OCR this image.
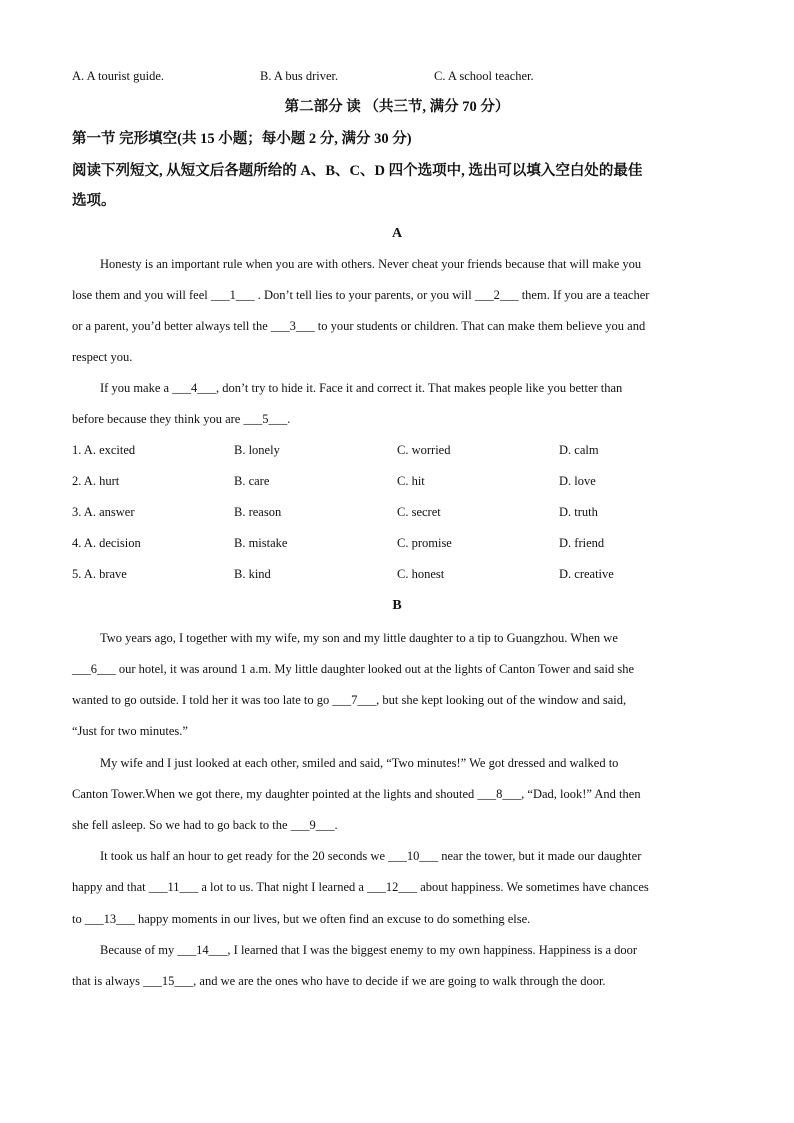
A. A tourist guide.	B. A bus driver.	C. A school teacher.
第二部分 读 （共三节, 满分 70 分）
第一节 完形填空(共 15 小题；每小题 2 分, 满分 30 分)
阅读下列短文, 从短文后各题所给的 A、B、C、D 四个选项中, 选出可以填入空白处的最佳
选项。
A
Honesty is an important rule when you are with others. Never cheat your friends because that will make you
lose them and you will feel ___1___ . Don’t tell lies to your parents, or you will ___2___ them. If you are a teacher
or a parent, you’d better always tell the ___3___ to your students or children. That can make them believe you and
respect you.
If you make a ___4___, don’t try to hide it. Face it and correct it. That makes people like you better than
before because they think you are ___5___.
1. A. excited	B. lonely	C. worried	D. calm
2. A. hurt	B. care	C. hit	D. love
3. A. answer	B. reason	C. secret	D. truth
4. A. decision	B. mistake	C. promise	D. friend
5. A. brave	B. kind	C. honest	D. creative
B
Two years ago, I together with my wife, my son and my little daughter to a tip to Guangzhou. When we
___6___ our hotel, it was around 1 a.m. My little daughter looked out at the lights of Canton Tower and said she
wanted to go outside. I told her it was too late to go ___7___, but she kept looking out of the window and said,
“Just for two minutes.”
My wife and I just looked at each other, smiled and said, “Two minutes!” We got dressed and walked to
Canton Tower.When we got there, my daughter pointed at the lights and shouted ___8___, “Dad, look!” And then
she fell asleep. So we had to go back to the ___9___.
It took us half an hour to get ready for the 20 seconds we ___10___ near the tower, but it made our daughter
happy and that ___11___ a lot to us. That night I learned a ___12___ about happiness. We sometimes have chances
to ___13___ happy moments in our lives, but we often find an excuse to do something else.
Because of my ___14___, I learned that I was the biggest enemy to my own happiness. Happiness is a door
that is always ___15___, and we are the ones who have to decide if we are going to walk through the door.
